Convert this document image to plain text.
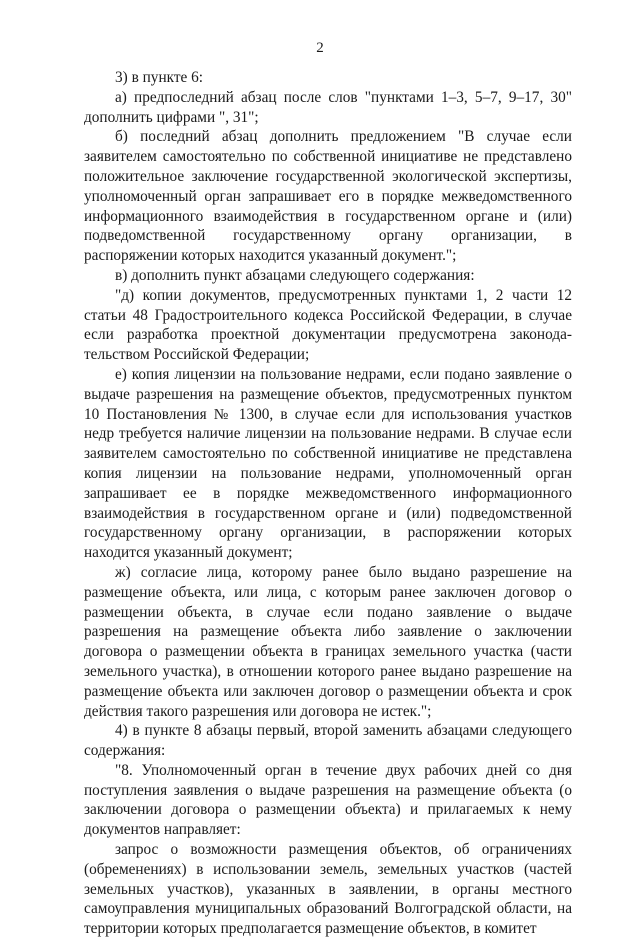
2

3) в пункте 6:

а) предпоследний абзац после слов "пунктами 1–3, 5–7, 9–17, 30" дополнить цифрами ", 31";

б) последний абзац дополнить предложением "В случае если заявителем самостоятельно по собственной инициативе не представлено положительное заключение государственной экологической экспертизы, уполномоченный орган запрашивает его в порядке межведомственного информационного взаимодействия в государственном органе и (или) подведомственной государственному органу организации, в распоряжении которых находится указанный документ.";

в) дополнить пункт абзацами следующего содержания:

"д) копии документов, предусмотренных пунктами 1, 2 части 12 статьи 48 Градостроительного кодекса Российской Федерации, в случае если разработка проектной документации предусмотрена законода-тельством Российской Федерации;

е) копия лицензии на пользование недрами, если подано заявление о выдаче разрешения на размещение объектов, предусмотренных пунктом 10 Постановления № 1300, в случае если для использования участков недр требуется наличие лицензии на пользование недрами. В случае если заявителем самостоятельно по собственной инициативе не представлена копия лицензии на пользование недрами, уполномоченный орган запрашивает ее в порядке межведомственного информационного взаимодействия в государственном органе и (или) подведомственной государственному органу организации, в распоряжении которых находится указанный документ;

ж) согласие лица, которому ранее было выдано разрешение на размещение объекта, или лица, с которым ранее заключен договор о размещении объекта, в случае если подано заявление о выдаче разрешения на размещение объекта либо заявление о заключении договора о размещении объекта в границах земельного участка (части земельного участка), в отношении которого ранее выдано разрешение на размещение объекта или заключен договор о размещении объекта и срок действия такого разрешения или договора не истек.";

4) в пункте 8 абзацы первый, второй заменить абзацами следующего содержания:

"8. Уполномоченный орган в течение двух рабочих дней со дня поступления заявления о выдаче разрешения на размещение объекта (о заключении договора о размещении объекта) и прилагаемых к нему документов направляет:

запрос о возможности размещения объектов, об ограничениях (обременениях) в использовании земель, земельных участков (частей земельных участков), указанных в заявлении, в органы местного самоуправления муниципальных образований Волгоградской области, на территории которых предполагается размещение объектов, в комитет
